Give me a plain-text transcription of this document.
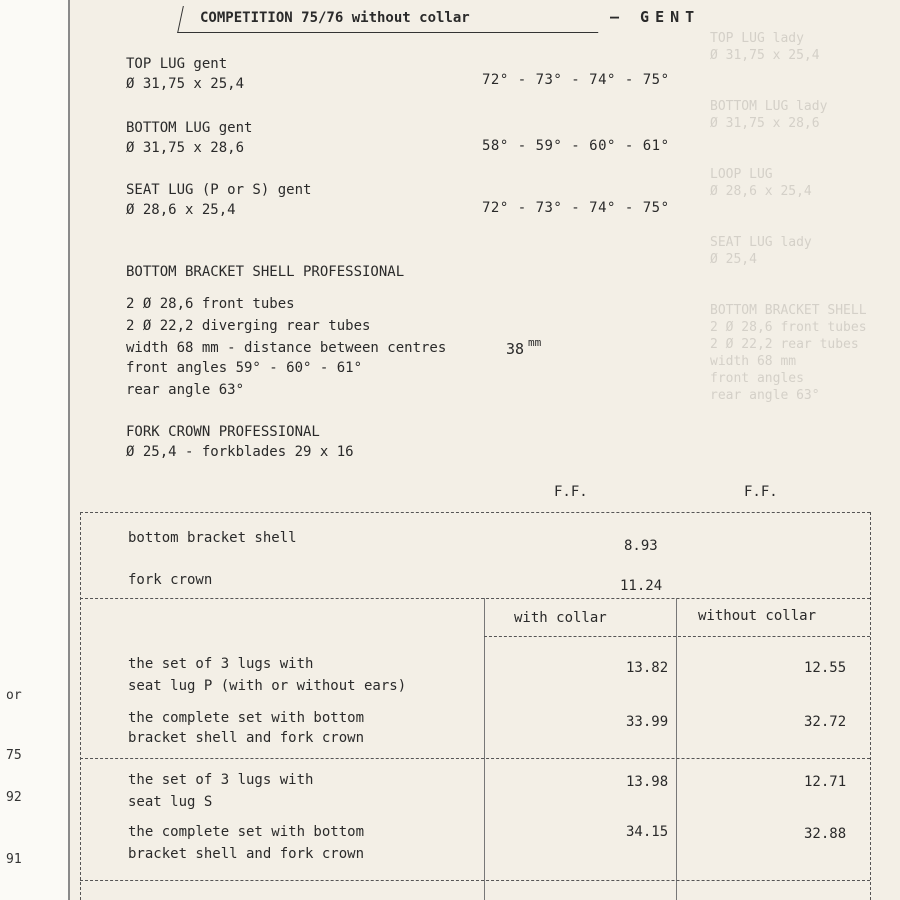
or
75
92
91
TOP LUG lady
Ø 31,75 x 25,4

BOTTOM LUG lady
Ø 31,75 x 28,6

LOOP LUG
Ø 28,6 x 25,4

SEAT LUG lady
Ø 25,4

BOTTOM BRACKET SHELL
2 Ø 28,6 front tubes
2 Ø 22,2 rear tubes
width 68 mm
front angles
rear angle 63°
COMPETITION 75/76 without collar	— GENT
TOP LUG gent
Ø 31,75 x 25,4	72° - 73° - 74° - 75°
BOTTOM LUG gent
Ø 31,75 x 28,6	58° - 59° - 60° - 61°
SEAT LUG (P or S) gent
Ø 28,6 x 25,4	72° - 73° - 74° - 75°
BOTTOM BRACKET SHELL PROFESSIONAL
2 Ø 28,6 front tubes
2 Ø 22,2 diverging rear tubes
width 68 mm - distance between centres	38 mm
front angles 59° - 60° - 61°
rear angle 63°
FORK CROWN PROFESSIONAL
Ø 25,4 - forkblades 29 x 16
F.F.	F.F.
bottom bracket shell	8.93
fork crown	11.24
with collar	without collar
the set of 3 lugs with
seat lug P (with or without ears)
13.82	12.55
the complete set with bottom
bracket shell and fork crown
33.99	32.72
the set of 3 lugs with
seat lug S
13.98	12.71
the complete set with bottom
bracket shell and fork crown
34.15	32.88
